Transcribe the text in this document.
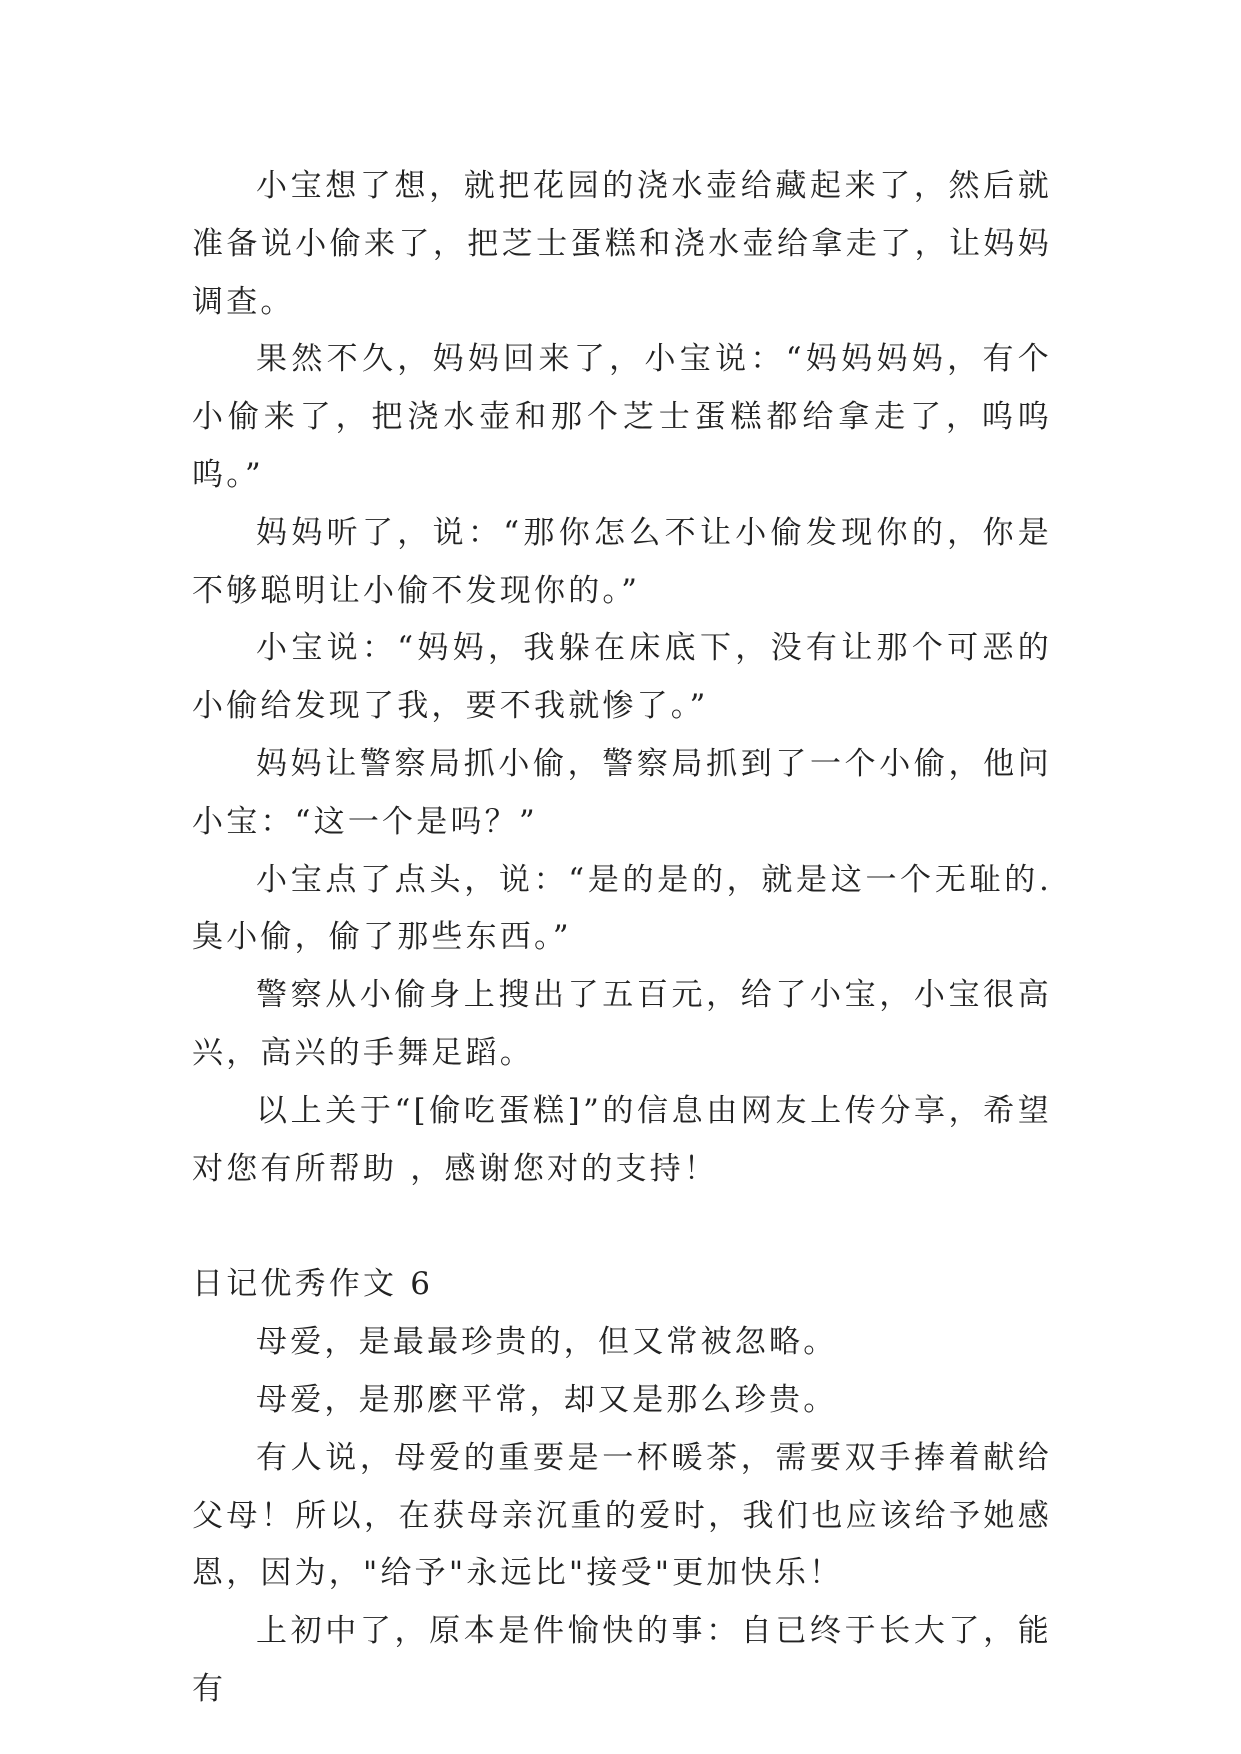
小宝想了想，就把花园的浇水壶给藏起来了，然后就准备说小偷来了，把芝士蛋糕和浇水壶给拿走了，让妈妈调查。

果然不久，妈妈回来了，小宝说：“妈妈妈妈，有个小偷来了，把浇水壶和那个芝士蛋糕都给拿走了，呜呜呜。”

妈妈听了，说：“那你怎么不让小偷发现你的，你是不够聪明让小偷不发现你的。”

小宝说：“妈妈，我躲在床底下，没有让那个可恶的小偷给发现了我，要不我就惨了。”

妈妈让警察局抓小偷，警察局抓到了一个小偷，他问小宝：“这一个是吗？”

小宝点了点头，说：“是的是的，就是这一个无耻的.臭小偷，偷了那些东西。”

警察从小偷身上搜出了五百元，给了小宝，小宝很高兴，高兴的手舞足蹈。

以上关于“[偷吃蛋糕]”的信息由网友上传分享，希望对您有所帮助 ，感谢您对的支持！

日记优秀作文 6

母爱，是最最珍贵的，但又常被忽略。

母爱，是那麽平常，却又是那么珍贵。

有人说，母爱的重要是一杯暖茶，需要双手捧着献给父母！所以，在获母亲沉重的爱时，我们也应该给予她感恩，因为，"给予"永远比"接受"更加快乐！

上初中了，原本是件愉快的事：自已终于长大了，能有
